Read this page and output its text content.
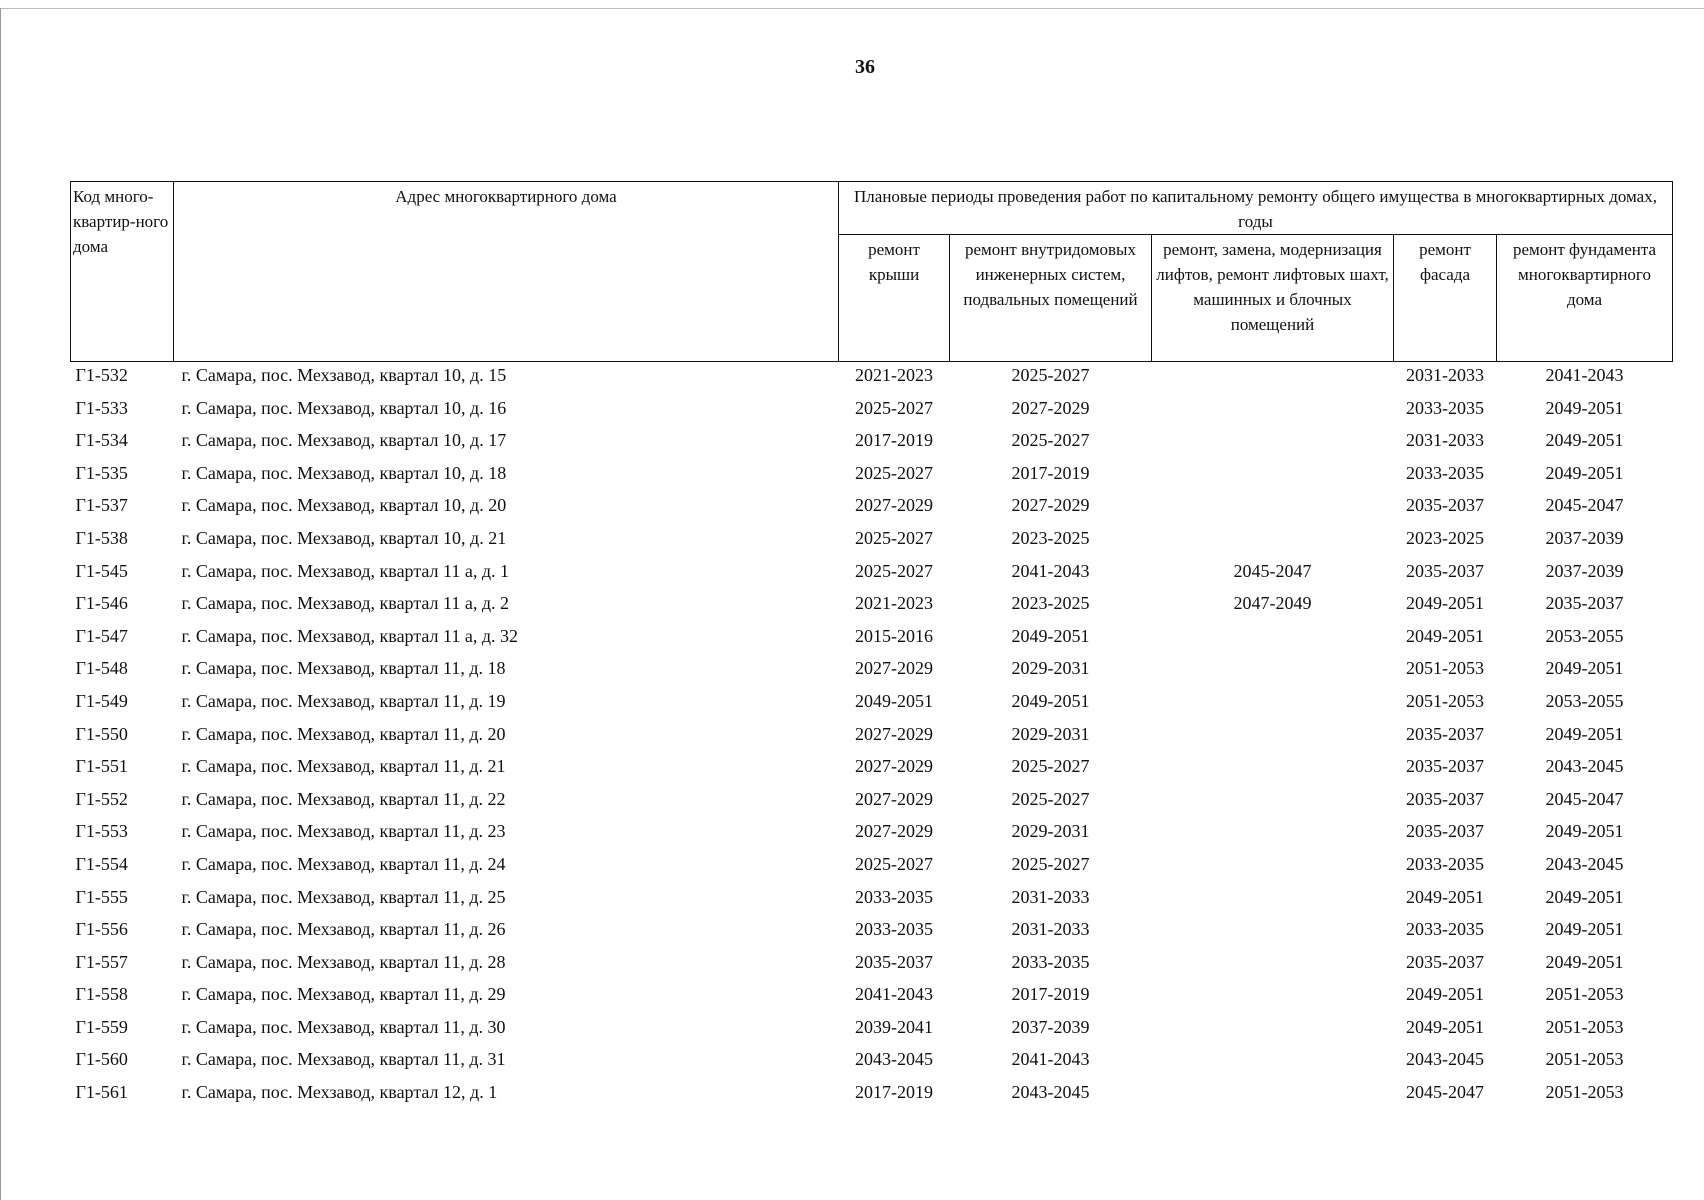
36
Код много-квартир-ного дома	Адрес многоквартирного дома	Плановые периоды проведения работ по капитальному ремонту общего имущества в многоквартирных домах, годы				
		ремонт крыши	ремонт внутридомовых инженерных систем, подвальных помещений	ремонт, замена, модернизация лифтов, ремонт лифтовых шахт, машинных и блочных помещений	ремонт фасада	ремонт фундамента многоквартирного дома
Г1-532	г. Самара, пос. Мехзавод, квартал 10, д. 15	2021-2023	2025-2027		2031-2033	2041-2043
Г1-533	г. Самара, пос. Мехзавод, квартал 10, д. 16	2025-2027	2027-2029		2033-2035	2049-2051
Г1-534	г. Самара, пос. Мехзавод, квартал 10, д. 17	2017-2019	2025-2027		2031-2033	2049-2051
Г1-535	г. Самара, пос. Мехзавод, квартал 10, д. 18	2025-2027	2017-2019		2033-2035	2049-2051
Г1-537	г. Самара, пос. Мехзавод, квартал 10, д. 20	2027-2029	2027-2029		2035-2037	2045-2047
Г1-538	г. Самара, пос. Мехзавод, квартал 10, д. 21	2025-2027	2023-2025		2023-2025	2037-2039
Г1-545	г. Самара, пос. Мехзавод, квартал 11 а, д. 1	2025-2027	2041-2043	2045-2047	2035-2037	2037-2039
Г1-546	г. Самара, пос. Мехзавод, квартал 11 а, д. 2	2021-2023	2023-2025	2047-2049	2049-2051	2035-2037
Г1-547	г. Самара, пос. Мехзавод, квартал 11 а, д. 32	2015-2016	2049-2051		2049-2051	2053-2055
Г1-548	г. Самара, пос. Мехзавод, квартал 11, д. 18	2027-2029	2029-2031		2051-2053	2049-2051
Г1-549	г. Самара, пос. Мехзавод, квартал 11, д. 19	2049-2051	2049-2051		2051-2053	2053-2055
Г1-550	г. Самара, пос. Мехзавод, квартал 11, д. 20	2027-2029	2029-2031		2035-2037	2049-2051
Г1-551	г. Самара, пос. Мехзавод, квартал 11, д. 21	2027-2029	2025-2027		2035-2037	2043-2045
Г1-552	г. Самара, пос. Мехзавод, квартал 11, д. 22	2027-2029	2025-2027		2035-2037	2045-2047
Г1-553	г. Самара, пос. Мехзавод, квартал 11, д. 23	2027-2029	2029-2031		2035-2037	2049-2051
Г1-554	г. Самара, пос. Мехзавод, квартал 11, д. 24	2025-2027	2025-2027		2033-2035	2043-2045
Г1-555	г. Самара, пос. Мехзавод, квартал 11, д. 25	2033-2035	2031-2033		2049-2051	2049-2051
Г1-556	г. Самара, пос. Мехзавод, квартал 11, д. 26	2033-2035	2031-2033		2033-2035	2049-2051
Г1-557	г. Самара, пос. Мехзавод, квартал 11, д. 28	2035-2037	2033-2035		2035-2037	2049-2051
Г1-558	г. Самара, пос. Мехзавод, квартал 11, д. 29	2041-2043	2017-2019		2049-2051	2051-2053
Г1-559	г. Самара, пос. Мехзавод, квартал 11, д. 30	2039-2041	2037-2039		2049-2051	2051-2053
Г1-560	г. Самара, пос. Мехзавод, квартал 11, д. 31	2043-2045	2041-2043		2043-2045	2051-2053
Г1-561	г. Самара, пос. Мехзавод, квартал 12, д. 1	2017-2019	2043-2045		2045-2047	2051-2053
